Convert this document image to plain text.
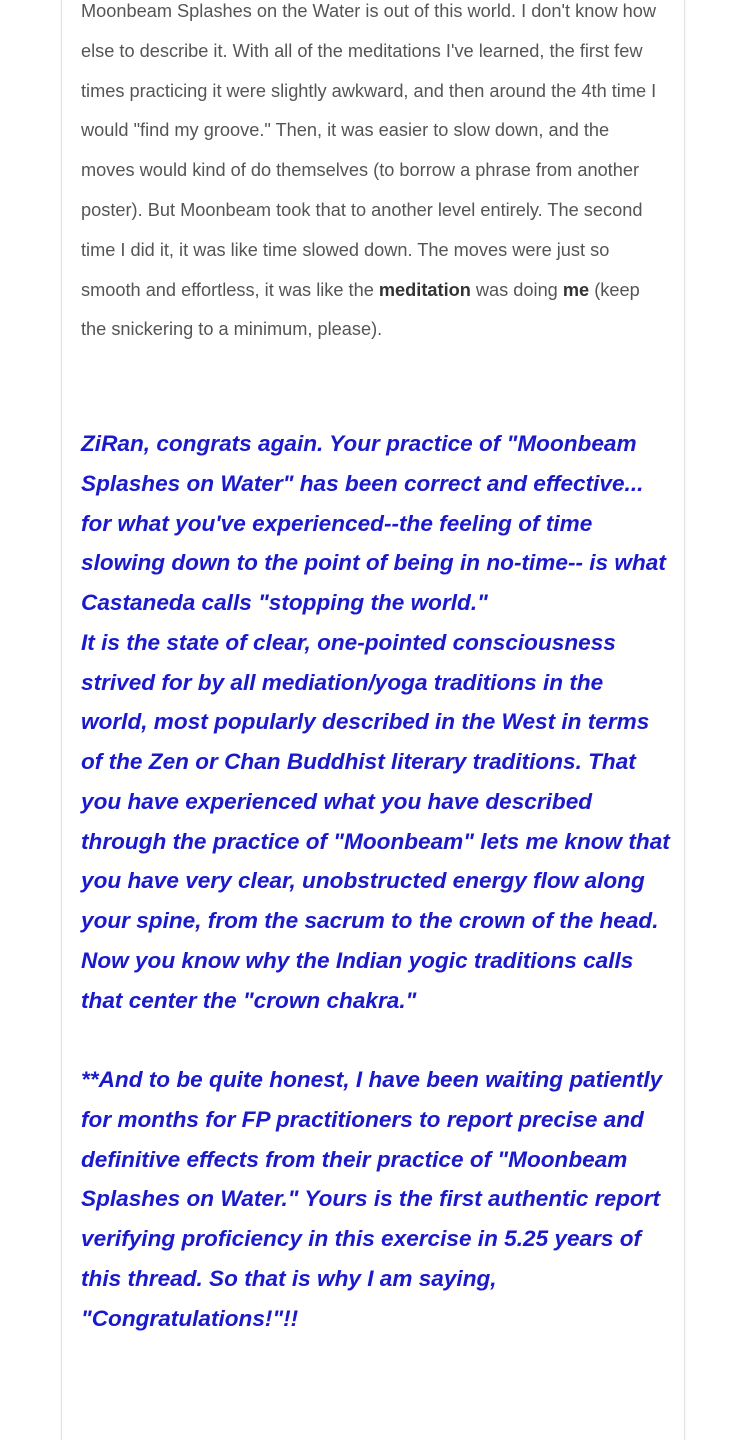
Moonbeam Splashes on the Water is out of this world. I don't know how else to describe it. With all of the meditations I've learned, the first few times practicing it were slightly awkward, and then around the 4th time I would "find my groove." Then, it was easier to slow down, and the moves would kind of do themselves (to borrow a phrase from another poster). But Moonbeam took that to another level entirely. The second time I did it, it was like time slowed down. The moves were just so smooth and effortless, it was like the meditation was doing me (keep the snickering to a minimum, please).

ZiRan, congrats again. Your practice of "Moonbeam Splashes on Water" has been correct and effective... for what you've experienced--the feeling of time slowing down to the point of being in no-time-- is what Castaneda calls "stopping the world."

It is the state of clear, one-pointed consciousness strived for by all mediation/yoga traditions in the world, most popularly described in the West in terms of the Zen or Chan Buddhist literary traditions. That you have experienced what you have described through the practice of "Moonbeam" lets me know that you have very clear, unobstructed energy flow along your spine, from the sacrum to the crown of the head. Now you know why the Indian yogic traditions calls that center the "crown chakra."

**And to be quite honest, I have been waiting patiently for months for FP practitioners to report precise and definitive effects from their practice of "Moonbeam Splashes on Water." Yours is the first authentic report verifying proficiency in this exercise in 5.25 years of this thread. So that is why I am saying, "Congratulations!"!!
